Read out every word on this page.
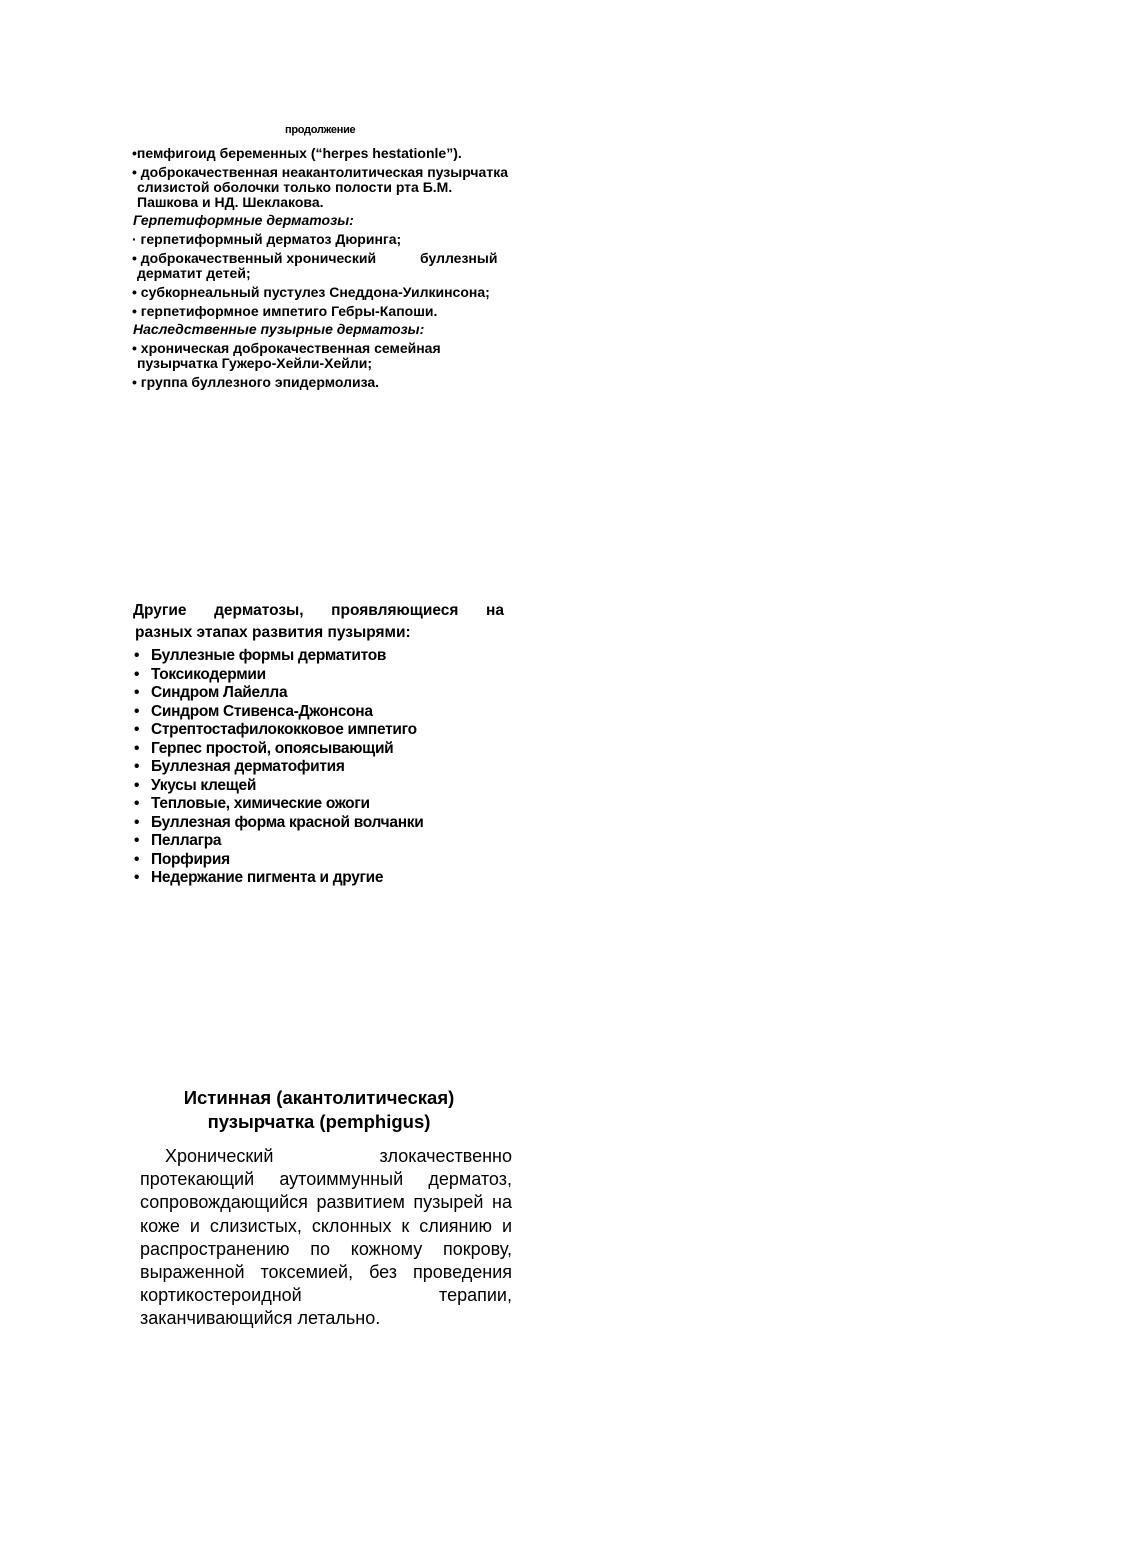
продолжение
•пемфигоид беременных (“herpes hestationle”).
• доброкачественная неакантолитическая пузырчатка
слизистой оболочки только полости рта Б.М.
Пашкова и НД. Шеклакова.
Герпетиформные дерматозы:
· герпетиформный дерматоз Дюринга;
• доброкачественный хронический	буллезный
дерматит детей;
• субкорнеальный пустулез Снеддона-Уилкинсона;
• герпетиформное импетиго Гебры-Капоши.
Наследственные пузырные дерматозы:
• хроническая доброкачественная семейная
пузырчатка Гужеро-Хейли-Хейли;
• группа буллезного эпидермолиза.
Другие дерматозы, проявляющиеся на
разных этапах развития пузырями:
• Буллезные формы дерматитов
• Токсикодермии
• Синдром Лайелла
• Синдром Стивенса-Джонсона
• Стрептостафилококковое импетиго
• Герпес простой, опоясывающий
• Буллезная дерматофития
• Укусы клещей
• Тепловые, химические ожоги
• Буллезная форма красной волчанки
• Пеллагра
• Порфирия
• Недержание пигмента и другие
Истинная (акантолитическая)
пузырчатка (pemphigus)
Хронический злокачественно протекающий аутоиммунный дерматоз, сопровождающийся развитием пузырей на коже и слизистых, склонных к слиянию и распространению по кожному покрову, выраженной токсемией, без проведения кортикостероидной терапии, заканчивающийся летально.
